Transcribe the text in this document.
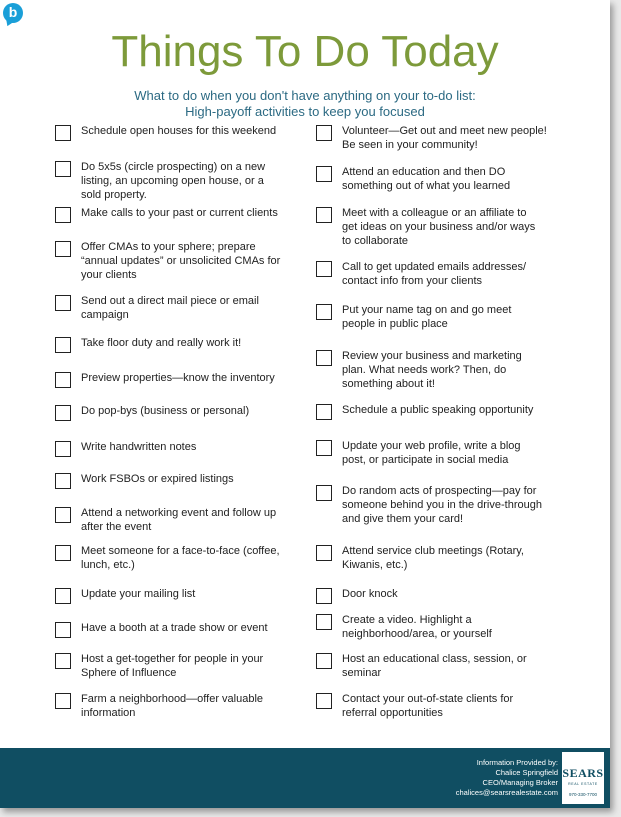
b
Things To Do Today
What to do when you don't have anything on your to-do list:
High-payoff activities to keep you focused
Schedule open houses for this weekend
Do 5x5s (circle prospecting) on a new
listing, an upcoming open house, or a
sold property.
Make calls to your past or current clients
Offer CMAs to your sphere; prepare
“annual updates” or unsolicited CMAs for
your clients
Send out a direct mail piece or email
campaign
Take floor duty and really work it!
Preview properties—know the inventory
Do pop-bys (business or personal)
Write handwritten notes
Work FSBOs or expired listings
Attend a networking event and follow up
after the event
Meet someone for a face-to-face (coffee,
lunch, etc.)
Update your mailing list
Have a booth at a trade show or event
Host a get-together for people in your
Sphere of Influence
Farm a neighborhood—offer valuable
information
Volunteer—Get out and meet new people!
Be seen in your community!
Attend an education and then DO
something out of what you learned
Meet with a colleague or an affiliate to
get ideas on your business and/or ways
to collaborate
Call to get updated emails addresses/
contact info from your clients
Put your name tag on and go meet
people in public place
Review your business and marketing
plan. What needs work? Then, do
something about it!
Schedule a public speaking opportunity
Update your web profile, write a blog
post, or participate in social media
Do random acts of prospecting—pay for
someone behind you in the drive-through
and give them your card!
Attend service club meetings (Rotary,
Kiwanis, etc.)
Door knock
Create a video. Highlight a
neighborhood/area, or yourself
Host an educational class, session, or
seminar
Contact your out-of-state clients for
referral opportunities
Information Provided by:
Chalice Springfield
CEO/Managing Broker
chalices@searsrealestate.com
SEARS
REAL ESTATE
970-330-7700
